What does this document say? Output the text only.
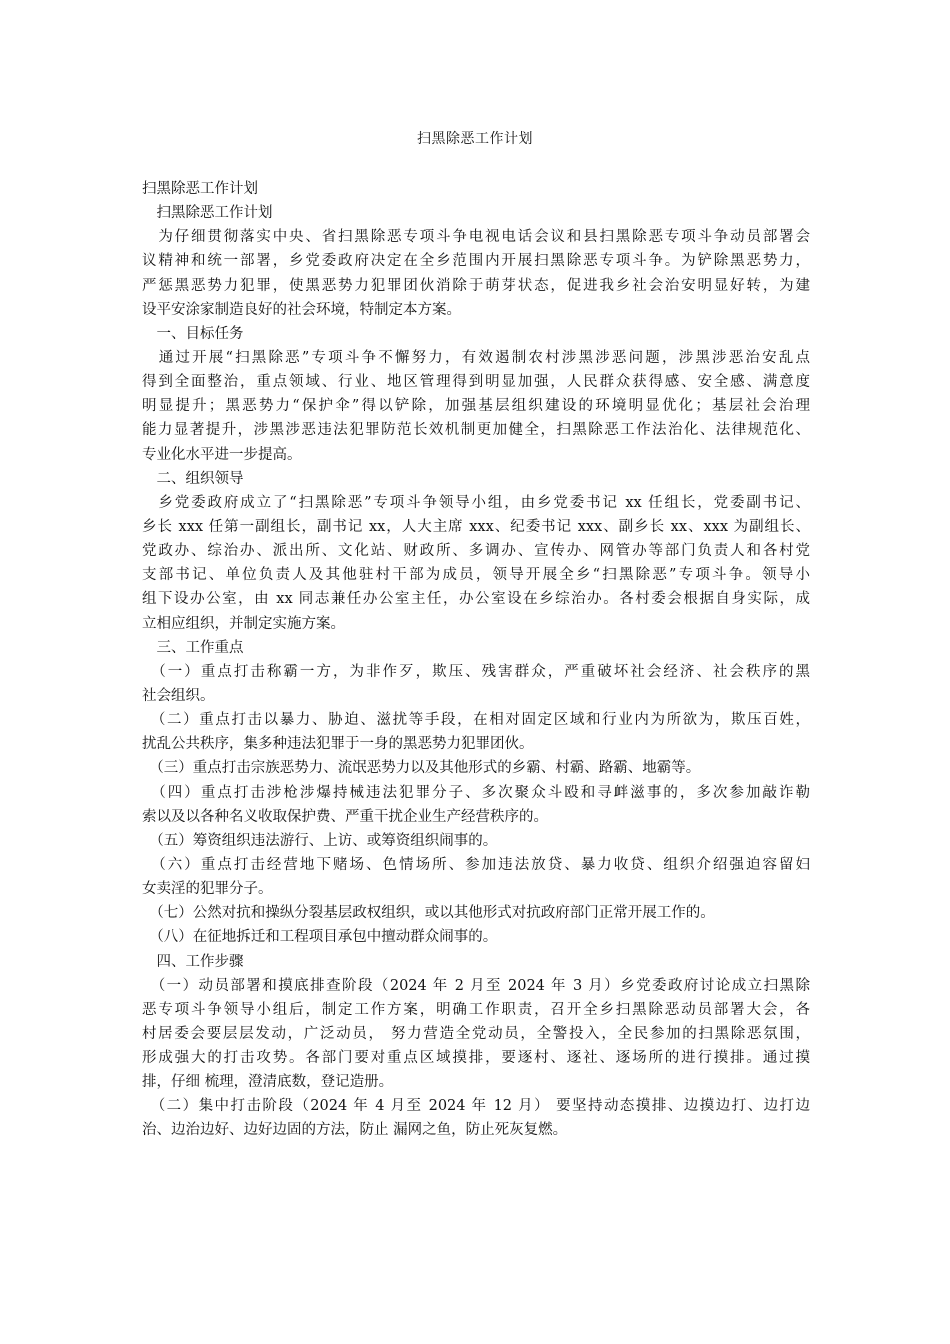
扫黑除恶工作计划
扫黑除恶工作计划
　扫黑除恶工作计划
　为仔细贯彻落实中央、省扫黑除恶专项斗争电视电话会议和县扫黑除恶专项斗争动员部署会
议精神和统一部署，乡党委政府决定在全乡范围内开展扫黑除恶专项斗争。为铲除黑恶势力，
严惩黑恶势力犯罪，使黑恶势力犯罪团伙消除于萌芽状态，促进我乡社会治安明显好转，为建
设平安涂家制造良好的社会环境，特制定本方案。
　一、目标任务
　通过开展“扫黑除恶”专项斗争不懈努力，有效遏制农村涉黑涉恶问题，涉黑涉恶治安乱点
得到全面整治，重点领域、行业、地区管理得到明显加强，人民群众获得感、安全感、满意度
明显提升；黑恶势力“保护伞”得以铲除，加强基层组织建设的环境明显优化；基层社会治理
能力显著提升，涉黑涉恶违法犯罪防范长效机制更加健全，扫黑除恶工作法治化、法律规范化、
专业化水平进一步提高。
　二、组织领导
　乡党委政府成立了“扫黑除恶”专项斗争领导小组，由乡党委书记 xx 任组长，党委副书记、
乡长 xxx 任第一副组长，副书记 xx，人大主席 xxx、纪委书记 xxx、副乡长 xx、xxx 为副组长、
党政办、综治办、派出所、文化站、财政所、多调办、宣传办、网管办等部门负责人和各村党
支部书记、单位负责人及其他驻村干部为成员，领导开展全乡“扫黑除恶”专项斗争。领导小
组下设办公室，由 xx 同志兼任办公室主任，办公室设在乡综治办。各村委会根据自身实际，成
立相应组织，并制定实施方案。
　三、工作重点
　（一）重点打击称霸一方，为非作歹，欺压、残害群众，严重破坏社会经济、社会秩序的黑
社会组织。
　（二）重点打击以暴力、胁迫、滋扰等手段，在相对固定区域和行业内为所欲为，欺压百姓，
扰乱公共秩序，集多种违法犯罪于一身的黑恶势力犯罪团伙。
　（三）重点打击宗族恶势力、流氓恶势力以及其他形式的乡霸、村霸、路霸、地霸等。
　（四）重点打击涉枪涉爆持械违法犯罪分子、多次聚众斗殴和寻衅滋事的，多次参加敲诈勒
索以及以各种名义收取保护费、严重干扰企业生产经营秩序的。
　（五）筹资组织违法游行、上访、或筹资组织闹事的。
　（六）重点打击经营地下赌场、色情场所、参加违法放贷、暴力收贷、组织介绍强迫容留妇
女卖淫的犯罪分子。
　（七）公然对抗和操纵分裂基层政权组织，或以其他形式对抗政府部门正常开展工作的。
　（八）在征地拆迁和工程项目承包中擅动群众闹事的。
　四、工作步骤
　（一）动员部署和摸底排查阶段（2024 年 2 月至 2024 年 3 月）乡党委政府讨论成立扫黑除
恶专项斗争领导小组后，制定工作方案，明确工作职责，召开全乡扫黑除恶动员部署大会，各
村居委会要层层发动，广泛动员， 努力营造全党动员，全警投入，全民参加的扫黑除恶氛围，
形成强大的打击攻势。各部门要对重点区域摸排，要逐村、逐社、逐场所的进行摸排。通过摸
排，仔细 梳理，澄清底数，登记造册。
　（二）集中打击阶段（2024 年 4 月至 2024 年 12 月） 要坚持动态摸排、边摸边打、边打边
治、边治边好、边好边固的方法，防止 漏网之鱼，防止死灰复燃。
